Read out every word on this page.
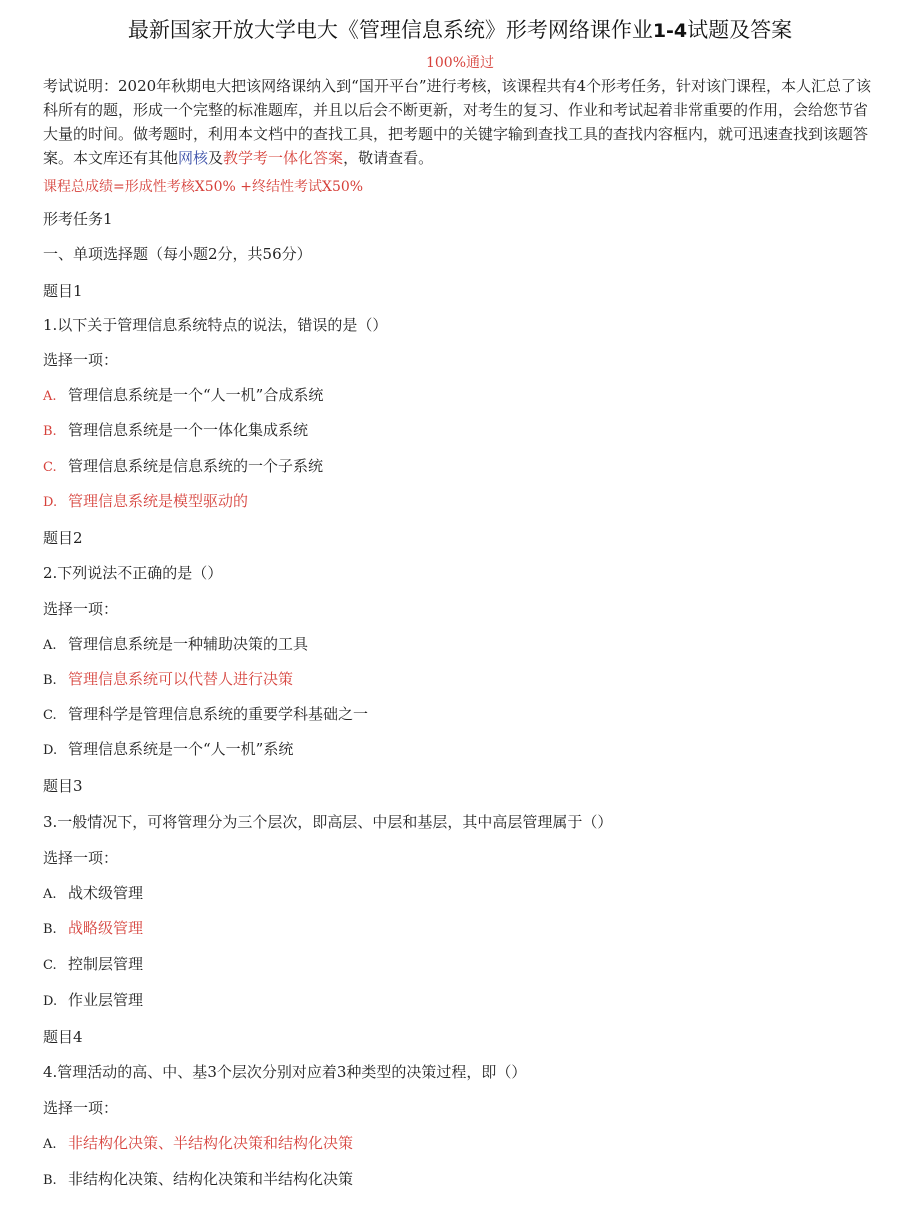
最新国家开放大学电大《管理信息系统》形考网络课作业1-4试题及答案
100%通过
考试说明：2020年秋期电大把该网络课纳入到“国开平台”进行考核，该课程共有4个形考任务，针对该门课程，本人汇总了该科所有的题，形成一个完整的标准题库，并且以后会不断更新，对考生的复习、作业和考试起着非常重要的作用，会给您节省大量的时间。做考题时，利用本文档中的查找工具，把考题中的关键字输到查找工具的查找内容框内，就可迅速查找到该题答案。本文库还有其他网核及教学考一体化答案，敬请查看。
课程总成绩=形成性考核X50% +终结性考试X50%
形考任务1
一、单项选择题（每小题2分，共56分）
题目1
1.以下关于管理信息系统特点的说法，错误的是（）
选择一项：
A. 管理信息系统是一个“人一机”合成系统
B. 管理信息系统是一个一体化集成系统
C. 管理信息系统是信息系统的一个子系统
D. 管理信息系统是模型驱动的
题目2
2.下列说法不正确的是（）
选择一项：
A. 管理信息系统是一种辅助决策的工具
B. 管理信息系统可以代替人进行决策
C. 管理科学是管理信息系统的重要学科基础之一
D. 管理信息系统是一个“人一机”系统
题目3
3.一般情况下，可将管理分为三个层次，即高层、中层和基层，其中高层管理属于（）
选择一项：
A. 战术级管理
B. 战略级管理
C. 控制层管理
D. 作业层管理
题目4
4.管理活动的高、中、基3个层次分别对应着3种类型的决策过程，即（）
选择一项：
A. 非结构化决策、半结构化决策和结构化决策
B. 非结构化决策、结构化决策和半结构化决策
